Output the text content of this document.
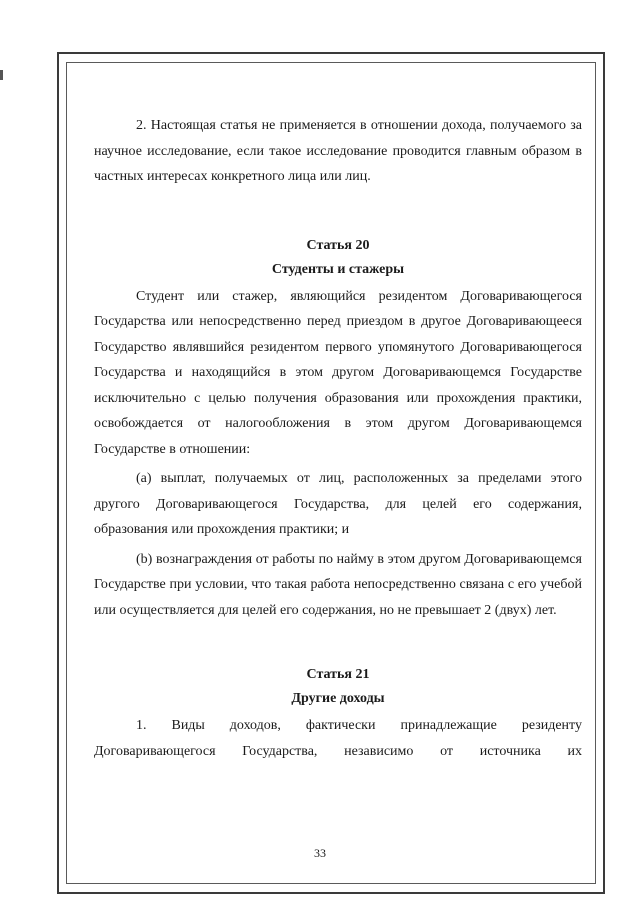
2. Настоящая статья не применяется в отношении дохода, получаемого за научное исследование, если такое исследование проводится главным образом в частных интересах конкретного лица или лиц.

Статья 20

Студенты и стажеры

Студент или стажер, являющийся резидентом Договаривающегося Государства или непосредственно перед приездом в другое Договаривающееся Государство являвшийся резидентом первого упомянутого Договаривающегося Государства и находящийся в этом другом Договаривающемся Государстве исключительно с целью получения образования или прохождения практики, освобождается от налогообложения в этом другом Договаривающемся Государстве в отношении:

(a) выплат, получаемых от лиц, расположенных за пределами этого другого Договаривающегося Государства, для целей его содержания, образования или прохождения практики; и

(b) вознаграждения от работы по найму в этом другом Договаривающемся Государстве при условии, что такая работа непосредственно связана с его учебой или осуществляется для целей его содержания, но не превышает 2 (двух) лет.

Статья 21

Другие доходы

1. Виды доходов, фактически принадлежащие резиденту Договаривающегося Государства, независимо от источника их

33
